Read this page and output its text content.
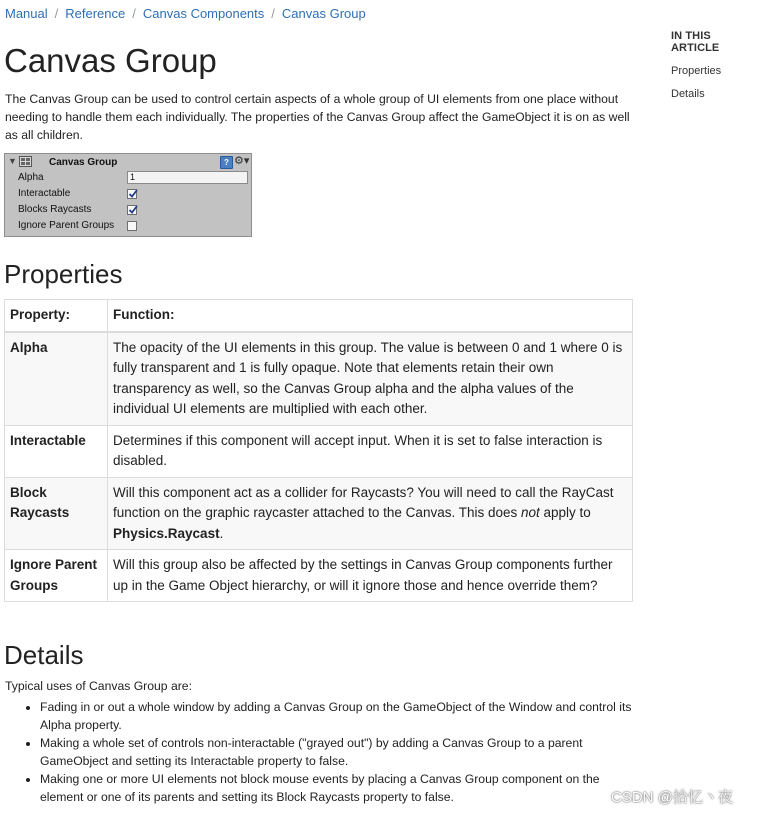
Manual / Reference / Canvas Components / Canvas Group
IN THIS ARTICLE
Properties
Details
Canvas Group

The Canvas Group can be used to control certain aspects of a whole group of UI elements from one place without needing to handle them each individually. The properties of the Canvas Group affect the GameObject it is on as well as all children.

▼	Canvas Group	? ⚙▾
Alpha	1
Interactable
Blocks Raycasts
Ignore Parent Groups
Properties
Property:	Function:
Alpha	The opacity of the UI elements in this group. The value is between 0 and 1 where 0 is fully transparent and 1 is fully opaque. Note that elements retain their own transparency as well, so the Canvas Group alpha and the alpha values of the individual UI elements are multiplied with each other.
Interactable	Determines if this component will accept input. When it is set to false interaction is disabled.
Block Raycasts	Will this component act as a collider for Raycasts? You will need to call the RayCast function on the graphic raycaster attached to the Canvas. This does not apply to Physics.Raycast.
Ignore Parent Groups	Will this group also be affected by the settings in Canvas Group components further up in the Game Object hierarchy, or will it ignore those and hence override them?
Details

Typical uses of Canvas Group are:

• Fading in or out a whole window by adding a Canvas Group on the GameObject of the Window and control its Alpha property.
• Making a whole set of controls non-interactable ("grayed out") by adding a Canvas Group to a parent GameObject and setting its Interactable property to false.
• Making one or more UI elements not block mouse events by placing a Canvas Group component on the element or one of its parents and setting its Block Raycasts property to false.	CSDN @拾忆丶夜
